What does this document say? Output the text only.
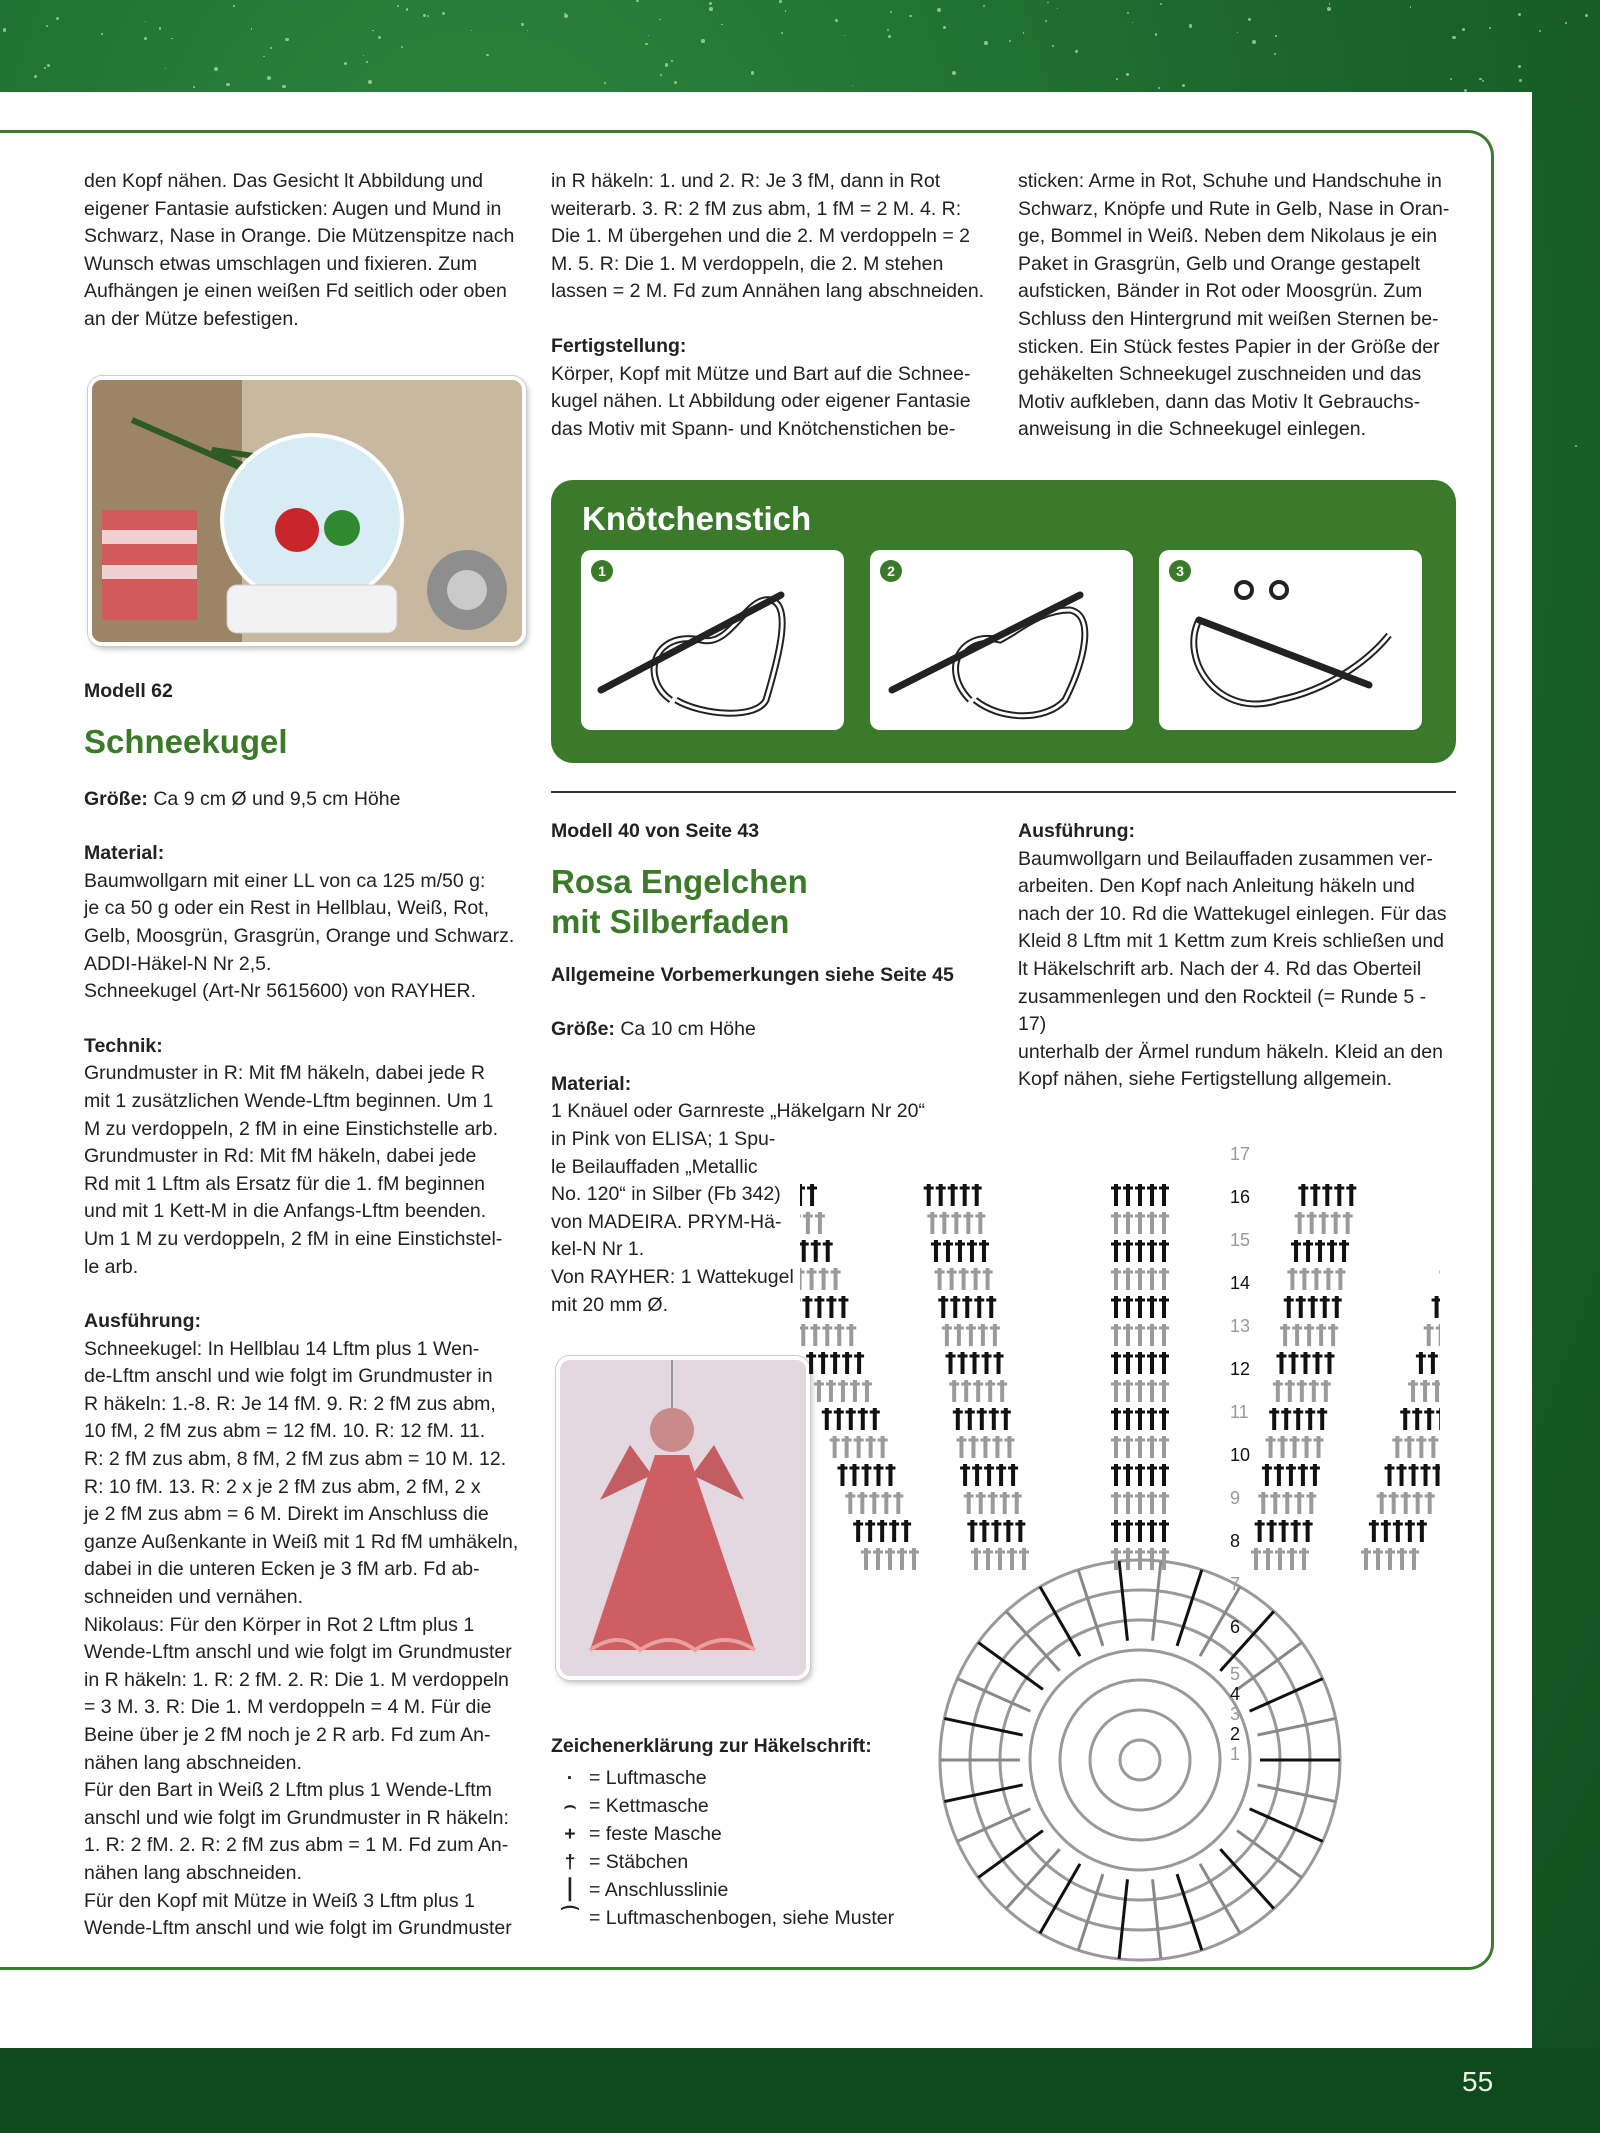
55

den Kopf nähen. Das Gesicht lt Abbildung und

eigener Fantasie aufsticken: Augen und Mund in

Schwarz, Nase in Orange. Die Mützenspitze nach

Wunsch etwas umschlagen und fixieren. Zum

Aufhängen je einen weißen Fd seitlich oder oben

an der Mütze befestigen.

Modell 62

Schneekugel

Größe: Ca 9 cm Ø und 9,5 cm Höhe

Material:

Baumwollgarn mit einer LL von ca 125 m/50 g:

je ca 50 g oder ein Rest in Hellblau, Weiß, Rot,

Gelb, Moosgrün, Grasgrün, Orange und Schwarz.

ADDI-Häkel-N Nr 2,5.

Schneekugel (Art-Nr 5615600) von RAYHER.

Technik:

Grundmuster in R: Mit fM häkeln, dabei jede R

mit 1 zusätzlichen Wende-Lftm beginnen. Um 1

M zu verdoppeln, 2 fM in eine Einstichstelle arb.

Grundmuster in Rd: Mit fM häkeln, dabei jede

Rd mit 1 Lftm als Ersatz für die 1. fM beginnen

und mit 1 Kett-M in die Anfangs-Lftm beenden.

Um 1 M zu verdoppeln, 2 fM in eine Einstichstel-

le arb.

Ausführung:

Schneekugel: In Hellblau 14 Lftm plus 1 Wen-

de-Lftm anschl und wie folgt im Grundmuster in

R häkeln: 1.-8. R: Je 14 fM. 9. R: 2 fM zus abm,

10 fM, 2 fM zus abm = 12 fM. 10. R: 12 fM. 11.

R: 2 fM zus abm, 8 fM, 2 fM zus abm = 10 M. 12.

R: 10 fM. 13. R: 2 x je 2 fM zus abm, 2 fM, 2 x

je 2 fM zus abm = 6 M. Direkt im Anschluss die

ganze Außenkante in Weiß mit 1 Rd fM umhäkeln,

dabei in die unteren Ecken je 3 fM arb. Fd ab-

schneiden und vernähen.

Nikolaus: Für den Körper in Rot 2 Lftm plus 1

Wende-Lftm anschl und wie folgt im Grundmuster

in R häkeln: 1. R: 2 fM. 2. R: Die 1. M verdoppeln

= 3 M. 3. R: Die 1. M verdoppeln = 4 M. Für die

Beine über je 2 fM noch je 2 R arb. Fd zum An-

nähen lang abschneiden.

Für den Bart in Weiß 2 Lftm plus 1 Wende-Lftm

anschl und wie folgt im Grundmuster in R häkeln:

1. R: 2 fM. 2. R: 2 fM zus abm = 1 M. Fd zum An-

nähen lang abschneiden.

Für den Kopf mit Mütze in Weiß 3 Lftm plus 1

Wende-Lftm anschl und wie folgt im Grundmuster

in R häkeln: 1. und 2. R: Je 3 fM, dann in Rot

weiterarb. 3. R: 2 fM zus abm, 1 fM = 2 M. 4. R:

Die 1. M übergehen und die 2. M verdoppeln = 2

M. 5. R: Die 1. M verdoppeln, die 2. M stehen

lassen = 2 M. Fd zum Annähen lang abschneiden.

Fertigstellung:

Körper, Kopf mit Mütze und Bart auf die Schnee-

kugel nähen. Lt Abbildung oder eigener Fantasie

das Motiv mit Spann- und Knötchenstichen be-

sticken: Arme in Rot, Schuhe und Handschuhe in

Schwarz, Knöpfe und Rute in Gelb, Nase in Oran-

ge, Bommel in Weiß. Neben dem Nikolaus je ein

Paket in Grasgrün, Gelb und Orange gestapelt

aufsticken, Bänder in Rot oder Moosgrün. Zum

Schluss den Hintergrund mit weißen Sternen be-

sticken. Ein Stück festes Papier in der Größe der

gehäkelten Schneekugel zuschneiden und das

Motiv aufkleben, dann das Motiv lt Gebrauchs-

anweisung in die Schneekugel einlegen.

Knötchenstich
1	2	3

Modell 40 von Seite 43

Rosa Engelchen

mit Silberfaden

Allgemeine Vorbemerkungen siehe Seite 45

Größe: Ca 10 cm Höhe

Material:

1 Knäuel oder Garnreste „Häkelgarn Nr 20“

in Pink von ELISA; 1 Spu-

le Beilauffaden „Metallic

No. 120“ in Silber (Fb 342)

von MADEIRA. PRYM-Hä-

kel-N Nr 1.

Von RAYHER: 1 Wattekugel

mit 20 mm Ø.

Ausführung:

Baumwollgarn und Beilauffaden zusammen ver-

arbeiten. Den Kopf nach Anleitung häkeln und

nach der 10. Rd die Wattekugel einlegen. Für das

Kleid 8 Lftm mit 1 Kettm zum Kreis schließen und

lt Häkelschrift arb. Nach der 4. Rd das Oberteil

zusammenlegen und den Rockteil (= Runde 5 - 17)

unterhalb der Ärmel rundum häkeln. Kleid an den

Kopf nähen, siehe Fertigstellung allgemein.

Zeichenerklärung zur Häkelschrift:

· = Luftmasche
⌢ = Kettmasche
+ = feste Masche
† = Stäbchen
⎮ = Anschlusslinie
⁀ = Luftmaschenbogen, siehe Muster
17
16
15
14
13
12
11
10
9
8
7
6
5
4
3
2
1
